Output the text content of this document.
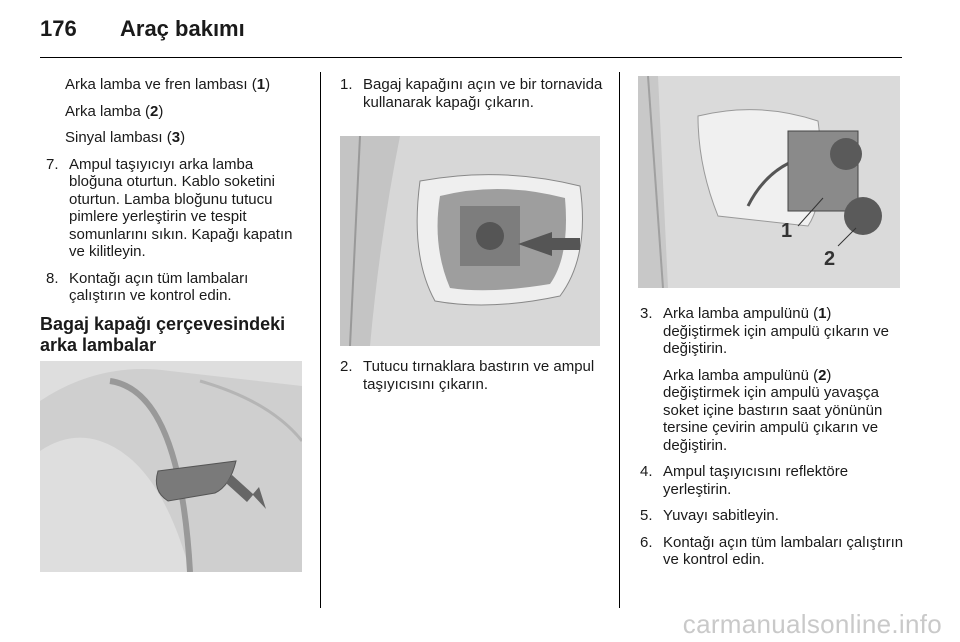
176	Araç bakımı
Arka lamba ve fren lambası (1)
Arka lamba (2)
Sinyal lambası (3)
7. Ampul taşıyıcıyı arka lamba bloğuna oturtun. Kablo soketini oturtun. Lamba bloğunu tutucu pimlere yerleştirin ve tespit somunlarını sıkın. Kapağı kapatın ve kilitleyin.
8. Kontağı açın tüm lambaları çalıştırın ve kontrol edin.
Bagaj kapağı çerçevesindeki arka lambalar
1. Bagaj kapağını açın ve bir tornavida kullanarak kapağı çıkarın.
2. Tutucu tırnaklara bastırın ve ampul taşıyıcısını çıkarın.
1
2
3. Arka lamba ampulünü (1)
değiştirmek için ampulü çıkarın ve değiştirin.
Arka lamba ampulünü (2)
değiştirmek için ampulü yavaşça soket içine bastırın saat yönünün tersine çevirin ampulü çıkarın ve değiştirin.
4. Ampul taşıyıcısını reflektöre yerleştirin.
5. Yuvayı sabitleyin.
6. Kontağı açın tüm lambaları çalıştırın ve kontrol edin.
carmanualsonline.info
